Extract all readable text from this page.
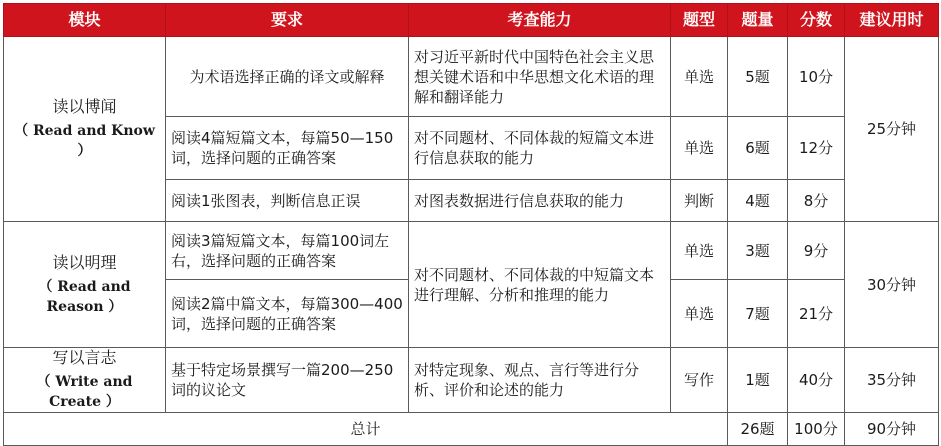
模块	要求	考查能力	题型	题量	分数	建议用时

读以博闻
（ Read and Know ）	为术语选择正确的译文或解释	对习近平新时代中国特色社会主义思想关键术语和中华思想文化术语的理解和翻译能力	单选	5题	10分	25分钟
	阅读4篇短篇文本，每篇50—150词，选择问题的正确答案	对不同题材、不同体裁的短篇文本进行信息获取的能力	单选	6题	12分	
	阅读1张图表，判断信息正误	对图表数据进行信息获取的能力	判断	4题	8分	

读以明理
（ Read and Reason ）	阅读3篇短篇文本，每篇100词左右，选择问题的正确答案	对不同题材、不同体裁的中短篇文本进行理解、分析和推理的能力	单选	3题	9分	30分钟
	阅读2篇中篇文本，每篇300—400词，选择问题的正确答案		单选	7题	21分	

写以言志
（ Write and Create ）	基于特定场景撰写一篇200—250词的议论文	对特定现象、观点、言行等进行分析、评价和论述的能力	写作	1题	40分	35分钟
总计				26题	100分	90分钟
